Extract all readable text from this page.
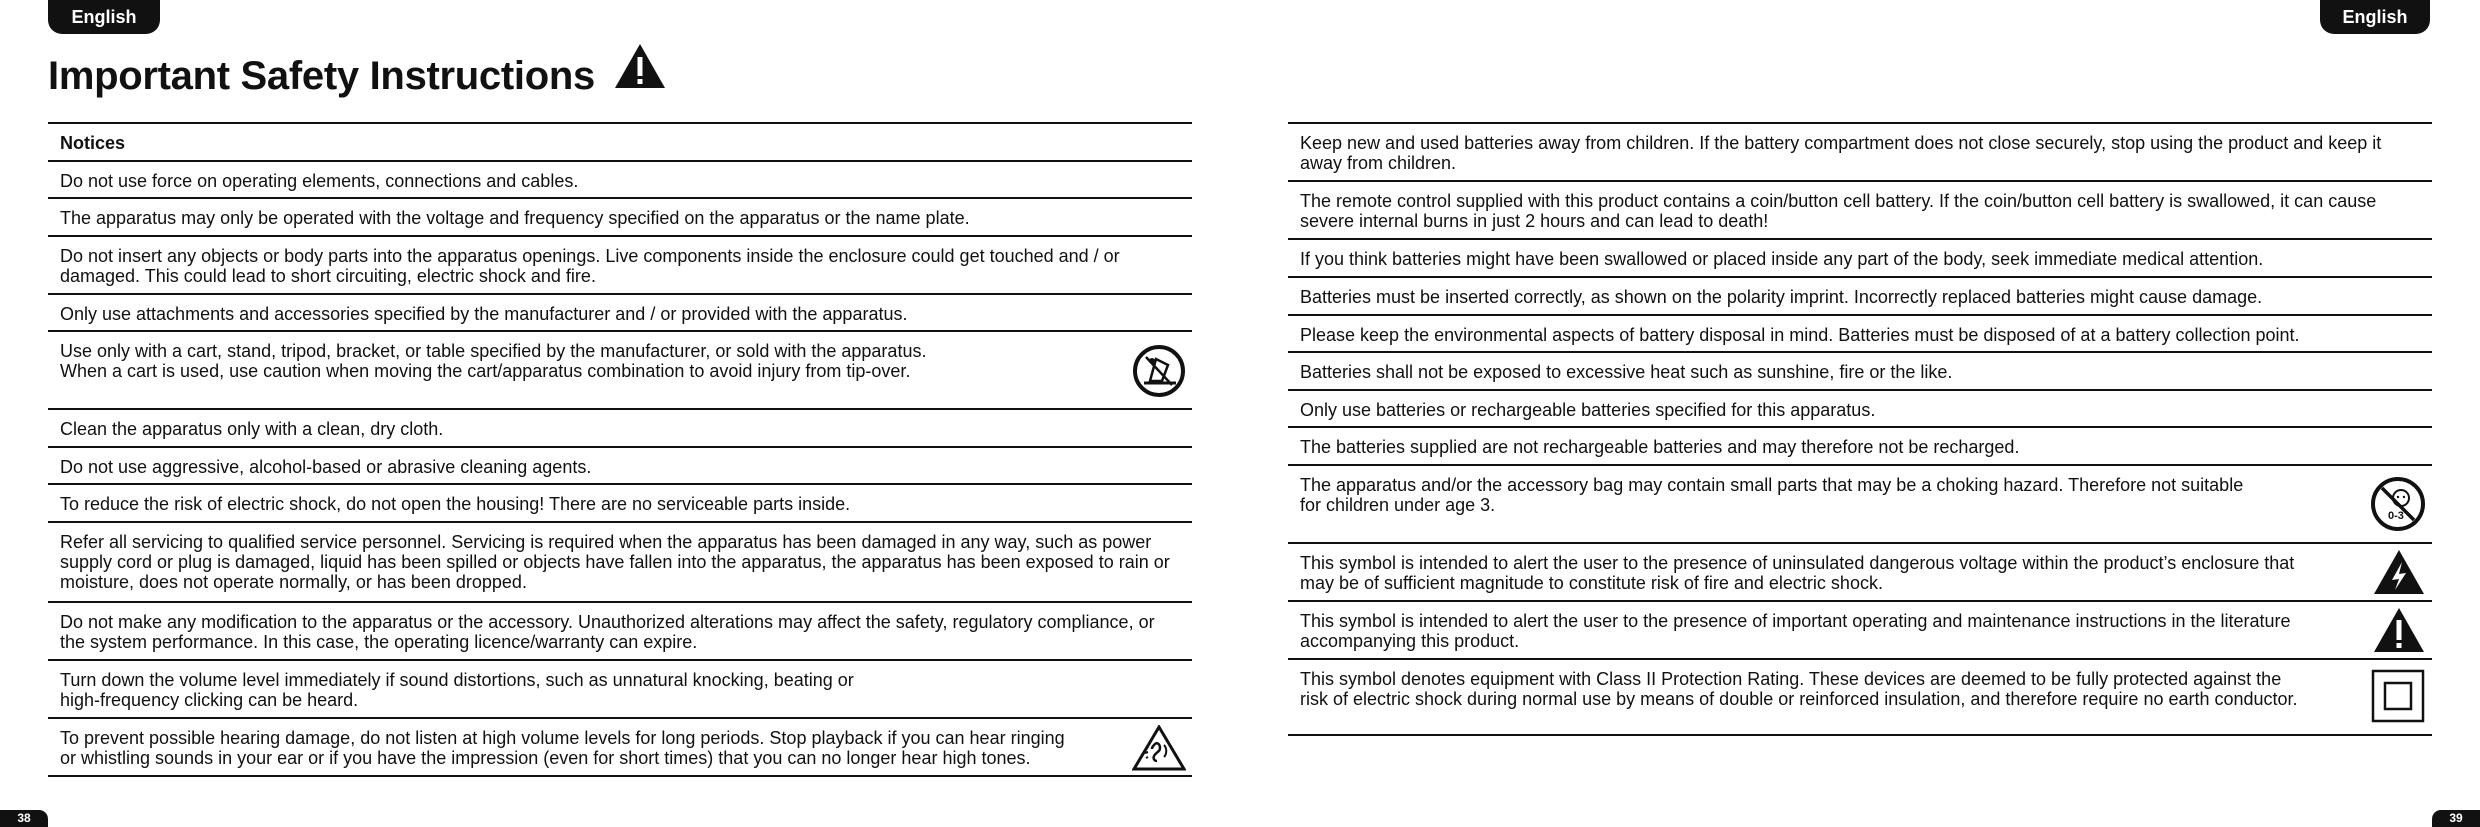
English	English
Important Safety Instructions
Notices
Do not use force on operating elements, connections and cables.
The apparatus may only be operated with the voltage and frequency specified on the apparatus or the name plate.
Do not insert any objects or body parts into the apparatus openings. Live components inside the enclosure could get touched and / or damaged. This could lead to short circuiting, electric shock and fire.
Only use attachments and accessories specified by the manufacturer and / or provided with the apparatus.
Use only with a cart, stand, tripod, bracket, or table specified by the manufacturer, or sold with the apparatus.
When a cart is used, use caution when moving the cart/apparatus combination to avoid injury from tip-over.
Clean the apparatus only with a clean, dry cloth.
Do not use aggressive, alcohol-based or abrasive cleaning agents.
To reduce the risk of electric shock, do not open the housing! There are no serviceable parts inside.
Refer all servicing to qualified service personnel. Servicing is required when the apparatus has been damaged in any way, such as power supply cord or plug is damaged, liquid has been spilled or objects have fallen into the apparatus, the apparatus has been exposed to rain or moisture, does not operate normally, or has been dropped.
Do not make any modification to the apparatus or the accessory. Unauthorized alterations may affect the safety, regulatory compliance, or the system performance. In this case, the operating licence/warranty can expire.
Turn down the volume level immediately if sound distortions, such as unnatural knocking, beating or
high-frequency clicking can be heard.
To prevent possible hearing damage, do not listen at high volume levels for long periods. Stop playback if you can hear ringing or whistling sounds in your ear or if you have the impression (even for short times) that you can no longer hear high tones.
Keep new and used batteries away from children. If the battery compartment does not close securely, stop using the product and keep it away from children.
The remote control supplied with this product contains a coin/button cell battery. If the coin/button cell battery is swallowed, it can cause severe internal burns in just 2 hours and can lead to death!
If you think batteries might have been swallowed or placed inside any part of the body, seek immediate medical attention.
Batteries must be inserted correctly, as shown on the polarity imprint. Incorrectly replaced batteries might cause damage.
Please keep the environmental aspects of battery disposal in mind. Batteries must be disposed of at a battery collection point.
Batteries shall not be exposed to excessive heat such as sunshine, fire or the like.
Only use batteries or rechargeable batteries specified for this apparatus.
The batteries supplied are not rechargeable batteries and may therefore not be recharged.
The apparatus and/or the accessory bag may contain small parts that may be a choking hazard. Therefore not suitable
for children under age 3.
0-3
This symbol is intended to alert the user to the presence of uninsulated dangerous voltage within the product’s enclosure that may be of sufficient magnitude to constitute risk of fire and electric shock.
This symbol is intended to alert the user to the presence of important operating and maintenance instructions in the literature accompanying this product.
This symbol denotes equipment with Class II Protection Rating. These devices are deemed to be fully protected against the risk of electric shock during normal use by means of double or reinforced insulation, and therefore require no earth conductor.
38	39
